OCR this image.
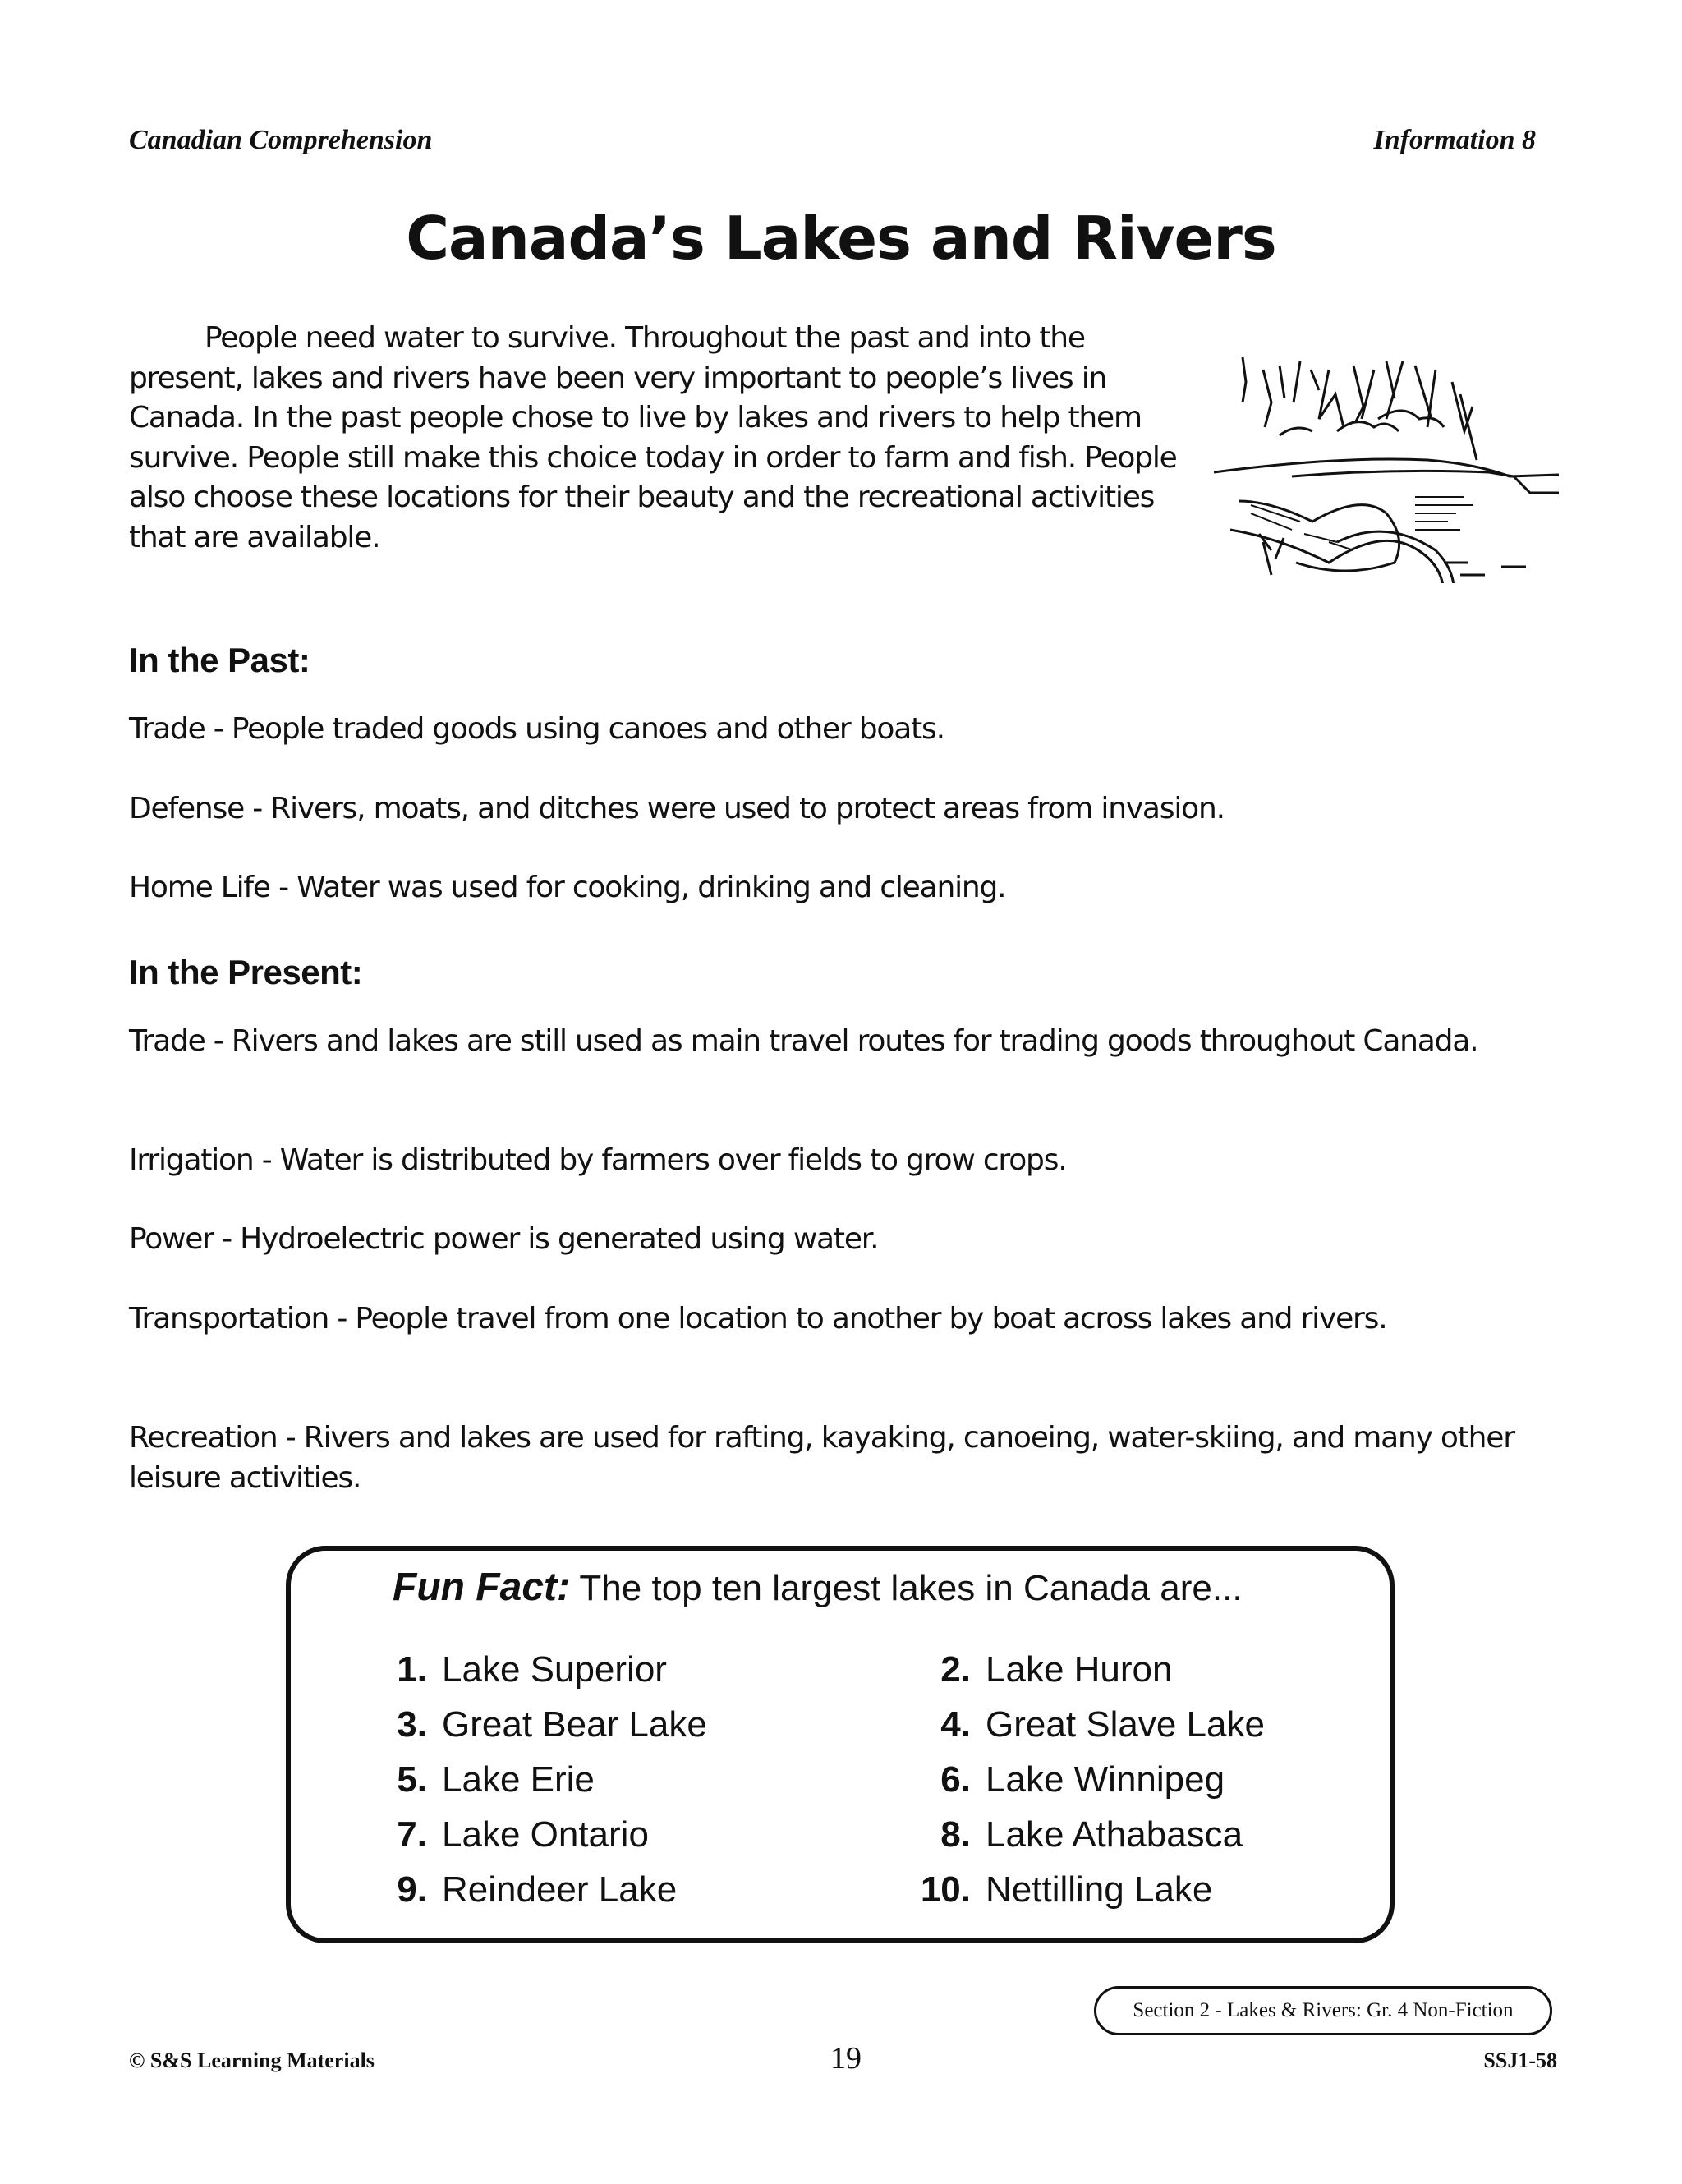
Canadian Comprehension	Information 8
Canada’s Lakes and Rivers
People need water to survive. Throughout the past and into the present, lakes and rivers have been very important to people’s lives in Canada. In the past people chose to live by lakes and rivers to help them survive. People still make this choice today in order to farm and fish. People also choose these locations for their beauty and the recreational activities that are available.
In the Past:
Trade - People traded goods using canoes and other boats.
Defense - Rivers, moats, and ditches were used to protect areas from invasion.
Home Life - Water was used for cooking, drinking and cleaning.
In the Present:
Trade - Rivers and lakes are still used as main travel routes for trading goods throughout Canada.
Irrigation - Water is distributed by farmers over fields to grow crops.
Power - Hydroelectric power is generated using water.
Transportation - People travel from one location to another by boat across lakes and rivers.
Recreation - Rivers and lakes are used for rafting, kayaking, canoeing, water-skiing, and many other leisure activities.
Fun Fact: The top ten largest lakes in Canada are...
1. Lake Superior	2. Lake Huron
3. Great Bear Lake	4. Great Slave Lake
5. Lake Erie	6. Lake Winnipeg
7. Lake Ontario	8. Lake Athabasca
9. Reindeer Lake	10. Nettilling Lake
Section 2 - Lakes & Rivers: Gr. 4 Non-Fiction
© S&S Learning Materials	19	SSJ1-58
